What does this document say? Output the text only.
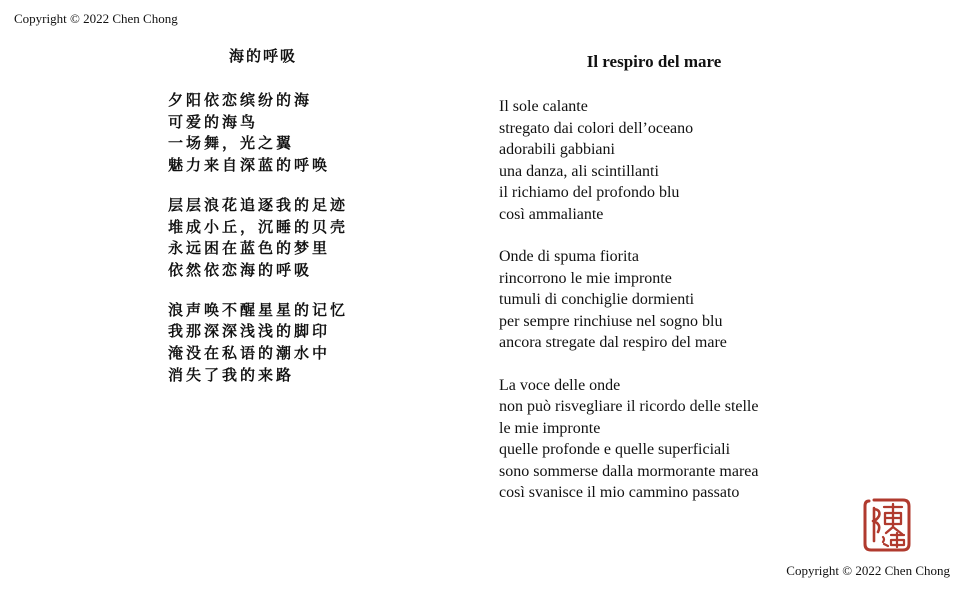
Copyright © 2022 Chen Chong
海的呼吸
夕阳依恋缤纷的海
可爱的海鸟
一场舞，光之翼
魅力来自深蓝的呼唤
层层浪花追逐我的足迹
堆成小丘，沉睡的贝壳
永远困在蓝色的梦里
依然依恋海的呼吸
浪声唤不醒星星的记忆
我那深深浅浅的脚印
淹没在私语的潮水中
消失了我的来路
Il respiro del mare
Il sole calante
stregato dai colori dell’oceano
adorabili gabbiani
una danza, ali scintillanti
il richiamo del profondo blu
così ammaliante
Onde di spuma fiorita
rincorrono le mie impronte
tumuli di conchiglie dormienti
per sempre rinchiuse nel sogno blu
ancora stregate dal respiro del mare
La voce delle onde
non può risvegliare il ricordo delle stelle
le mie impronte
quelle profonde e quelle superficiali
sono sommerse dalla mormorante marea
così svanisce il mio cammino passato
Copyright © 2022 Chen Chong
